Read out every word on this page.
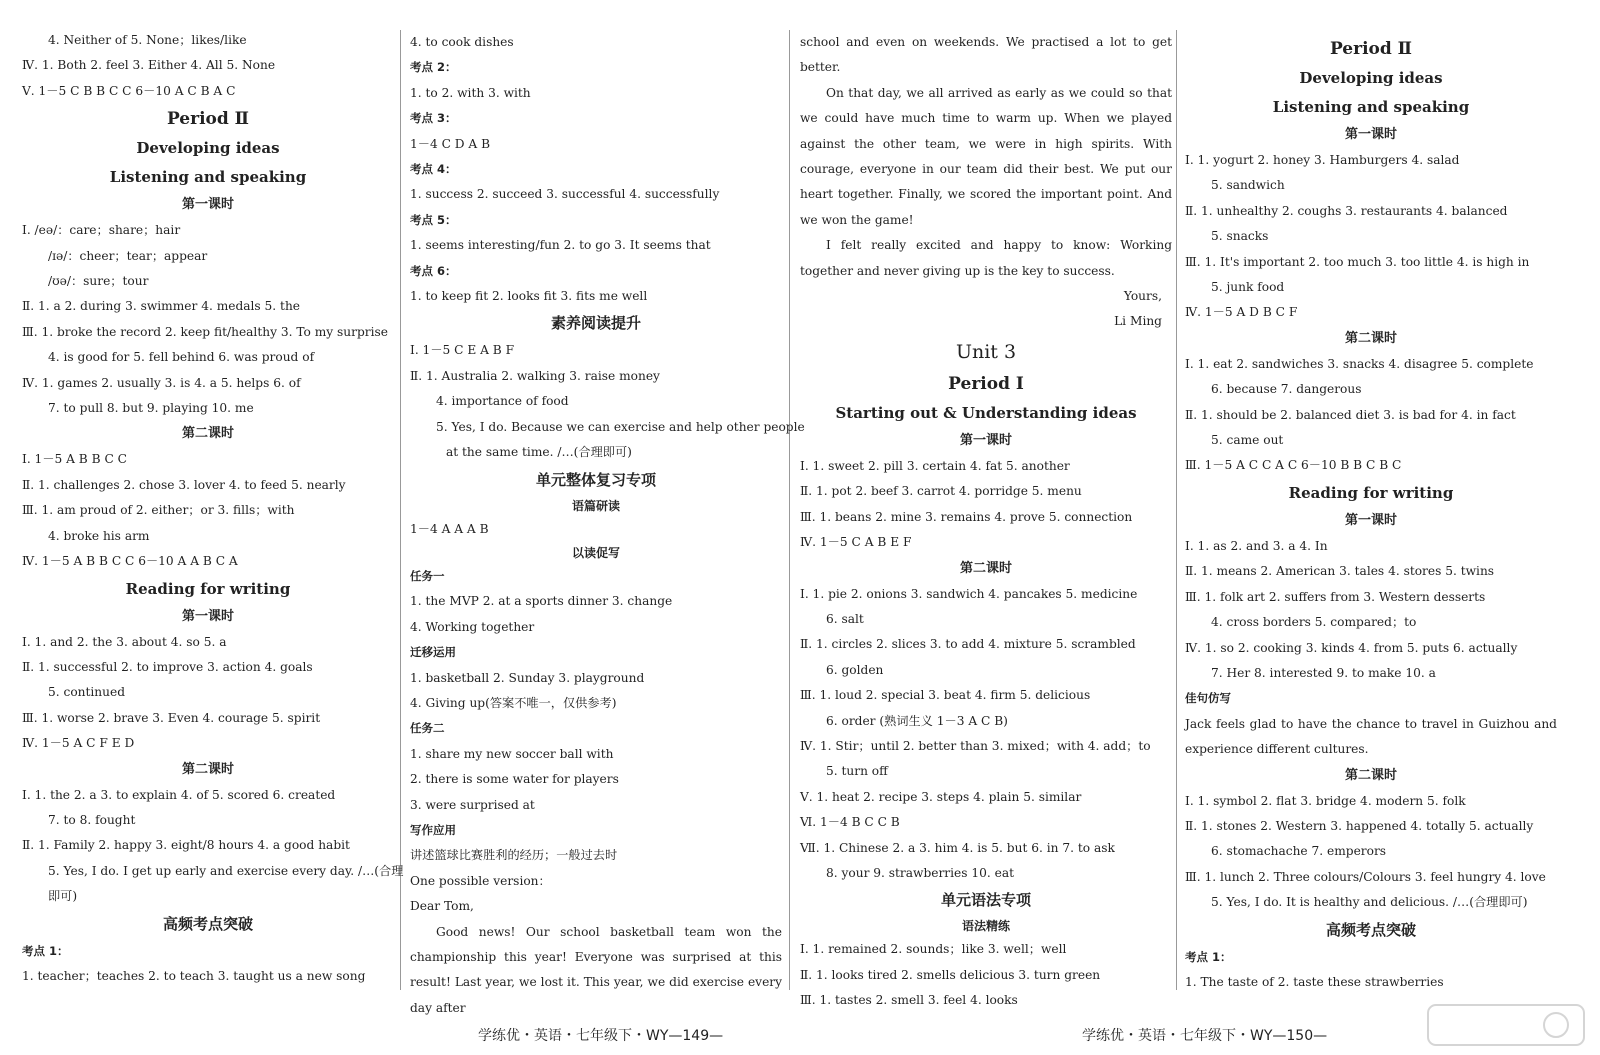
4. Neither of 5. None；likes/like
Ⅳ. 1. Both 2. feel 3. Either 4. All 5. None
Ⅴ. 1－5 C B B C C 6－10 A C B A C
Period Ⅱ
Developing ideas
Listening and speaking
第一课时
Ⅰ. /eə/：care；share；hair
/ɪə/：cheer；tear；appear
/ʊə/：sure；tour
Ⅱ. 1. a 2. during 3. swimmer 4. medals 5. the
Ⅲ. 1. broke the record 2. keep fit/healthy 3. To my surprise
4. is good for 5. fell behind 6. was proud of
Ⅳ. 1. games 2. usually 3. is 4. a 5. helps 6. of
7. to pull 8. but 9. playing 10. me
第二课时
Ⅰ. 1－5 A B B C C
Ⅱ. 1. challenges 2. chose 3. lover 4. to feed 5. nearly
Ⅲ. 1. am proud of 2. either；or 3. fills；with
4. broke his arm
Ⅳ. 1－5 A B B C C 6－10 A A B C A
Reading for writing
第一课时
Ⅰ. 1. and 2. the 3. about 4. so 5. a
Ⅱ. 1. successful 2. to improve 3. action 4. goals
5. continued
Ⅲ. 1. worse 2. brave 3. Even 4. courage 5. spirit
Ⅳ. 1－5 A C F E D
第二课时
Ⅰ. 1. the 2. a 3. to explain 4. of 5. scored 6. created
7. to 8. fought
Ⅱ. 1. Family 2. happy 3. eight/8 hours 4. a good habit
5. Yes, I do. I get up early and exercise every day. /…(合理
即可)
高频考点突破
考点 1：
1. teacher；teaches 2. to teach 3. taught us a new song
4. to cook dishes
考点 2：
1. to 2. with 3. with
考点 3：
1－4 C D A B
考点 4：
1. success 2. succeed 3. successful 4. successfully
考点 5：
1. seems interesting/fun 2. to go 3. It seems that
考点 6：
1. to keep fit 2. looks fit 3. fits me well
素养阅读提升
Ⅰ. 1－5 C E A B F
Ⅱ. 1. Australia 2. walking 3. raise money
4. importance of food
5. Yes, I do. Because we can exercise and help other people
at the same time. /…(合理即可)
单元整体复习专项
语篇研读
1－4 A A A B
以读促写
任务一
1. the MVP 2. at a sports dinner 3. change
4. Working together
迁移运用
1. basketball 2. Sunday 3. playground
4. Giving up(答案不唯一，仅供参考)
任务二
1. share my new soccer ball with
2. there is some water for players
3. were surprised at
写作应用
讲述篮球比赛胜利的经历；一般过去时
One possible version：
Dear Tom,
Good news! Our school basketball team won the championship this year! Everyone was surprised at this result! Last year, we lost it. This year, we did exercise every day after
school and even on weekends. We practised a lot to get better.
On that day, we all arrived as early as we could so that we could have much time to warm up. When we played against the other team, we were in high spirits. With courage, everyone in our team did their best. We put our heart together. Finally, we scored the important point. And we won the game!
I felt really excited and happy to know: Working together and never giving up is the key to success.
Yours,
Li Ming
Unit 3
Period Ⅰ
Starting out & Understanding ideas
第一课时
Ⅰ. 1. sweet 2. pill 3. certain 4. fat 5. another
Ⅱ. 1. pot 2. beef 3. carrot 4. porridge 5. menu
Ⅲ. 1. beans 2. mine 3. remains 4. prove 5. connection
Ⅳ. 1－5 C A B E F
第二课时
Ⅰ. 1. pie 2. onions 3. sandwich 4. pancakes 5. medicine
6. salt
Ⅱ. 1. circles 2. slices 3. to add 4. mixture 5. scrambled
6. golden
Ⅲ. 1. loud 2. special 3. beat 4. firm 5. delicious
6. order (熟词生义 1－3 A C B)
Ⅳ. 1. Stir；until 2. better than 3. mixed；with 4. add；to
5. turn off
Ⅴ. 1. heat 2. recipe 3. steps 4. plain 5. similar
Ⅵ. 1－4 B C C B
Ⅶ. 1. Chinese 2. a 3. him 4. is 5. but 6. in 7. to ask
8. your 9. strawberries 10. eat
单元语法专项
语法精练
Ⅰ. 1. remained 2. sounds；like 3. well；well
Ⅱ. 1. looks tired 2. smells delicious 3. turn green
Ⅲ. 1. tastes 2. smell 3. feel 4. looks
Period Ⅱ
Developing ideas
Listening and speaking
第一课时
Ⅰ. 1. yogurt 2. honey 3. Hamburgers 4. salad
5. sandwich
Ⅱ. 1. unhealthy 2. coughs 3. restaurants 4. balanced
5. snacks
Ⅲ. 1. It's important 2. too much 3. too little 4. is high in
5. junk food
Ⅳ. 1－5 A D B C F
第二课时
Ⅰ. 1. eat 2. sandwiches 3. snacks 4. disagree 5. complete
6. because 7. dangerous
Ⅱ. 1. should be 2. balanced diet 3. is bad for 4. in fact
5. came out
Ⅲ. 1－5 A C C A C 6－10 B B C B C
Reading for writing
第一课时
Ⅰ. 1. as 2. and 3. a 4. In
Ⅱ. 1. means 2. American 3. tales 4. stores 5. twins
Ⅲ. 1. folk art 2. suffers from 3. Western desserts
4. cross borders 5. compared；to
Ⅳ. 1. so 2. cooking 3. kinds 4. from 5. puts 6. actually
7. Her 8. interested 9. to make 10. a
佳句仿写
Jack feels glad to have the chance to travel in Guizhou and experience different cultures.
第二课时
Ⅰ. 1. symbol 2. flat 3. bridge 4. modern 5. folk
Ⅱ. 1. stones 2. Western 3. happened 4. totally 5. actually
6. stomachache 7. emperors
Ⅲ. 1. lunch 2. Three colours/Colours 3. feel hungry 4. love
5. Yes, I do. It is healthy and delicious. /…(合理即可)
高频考点突破
考点 1：
1. The taste of 2. taste these strawberries
学练优・英语・七年级下・WY—149—	学练优・英语・七年级下・WY—150—
